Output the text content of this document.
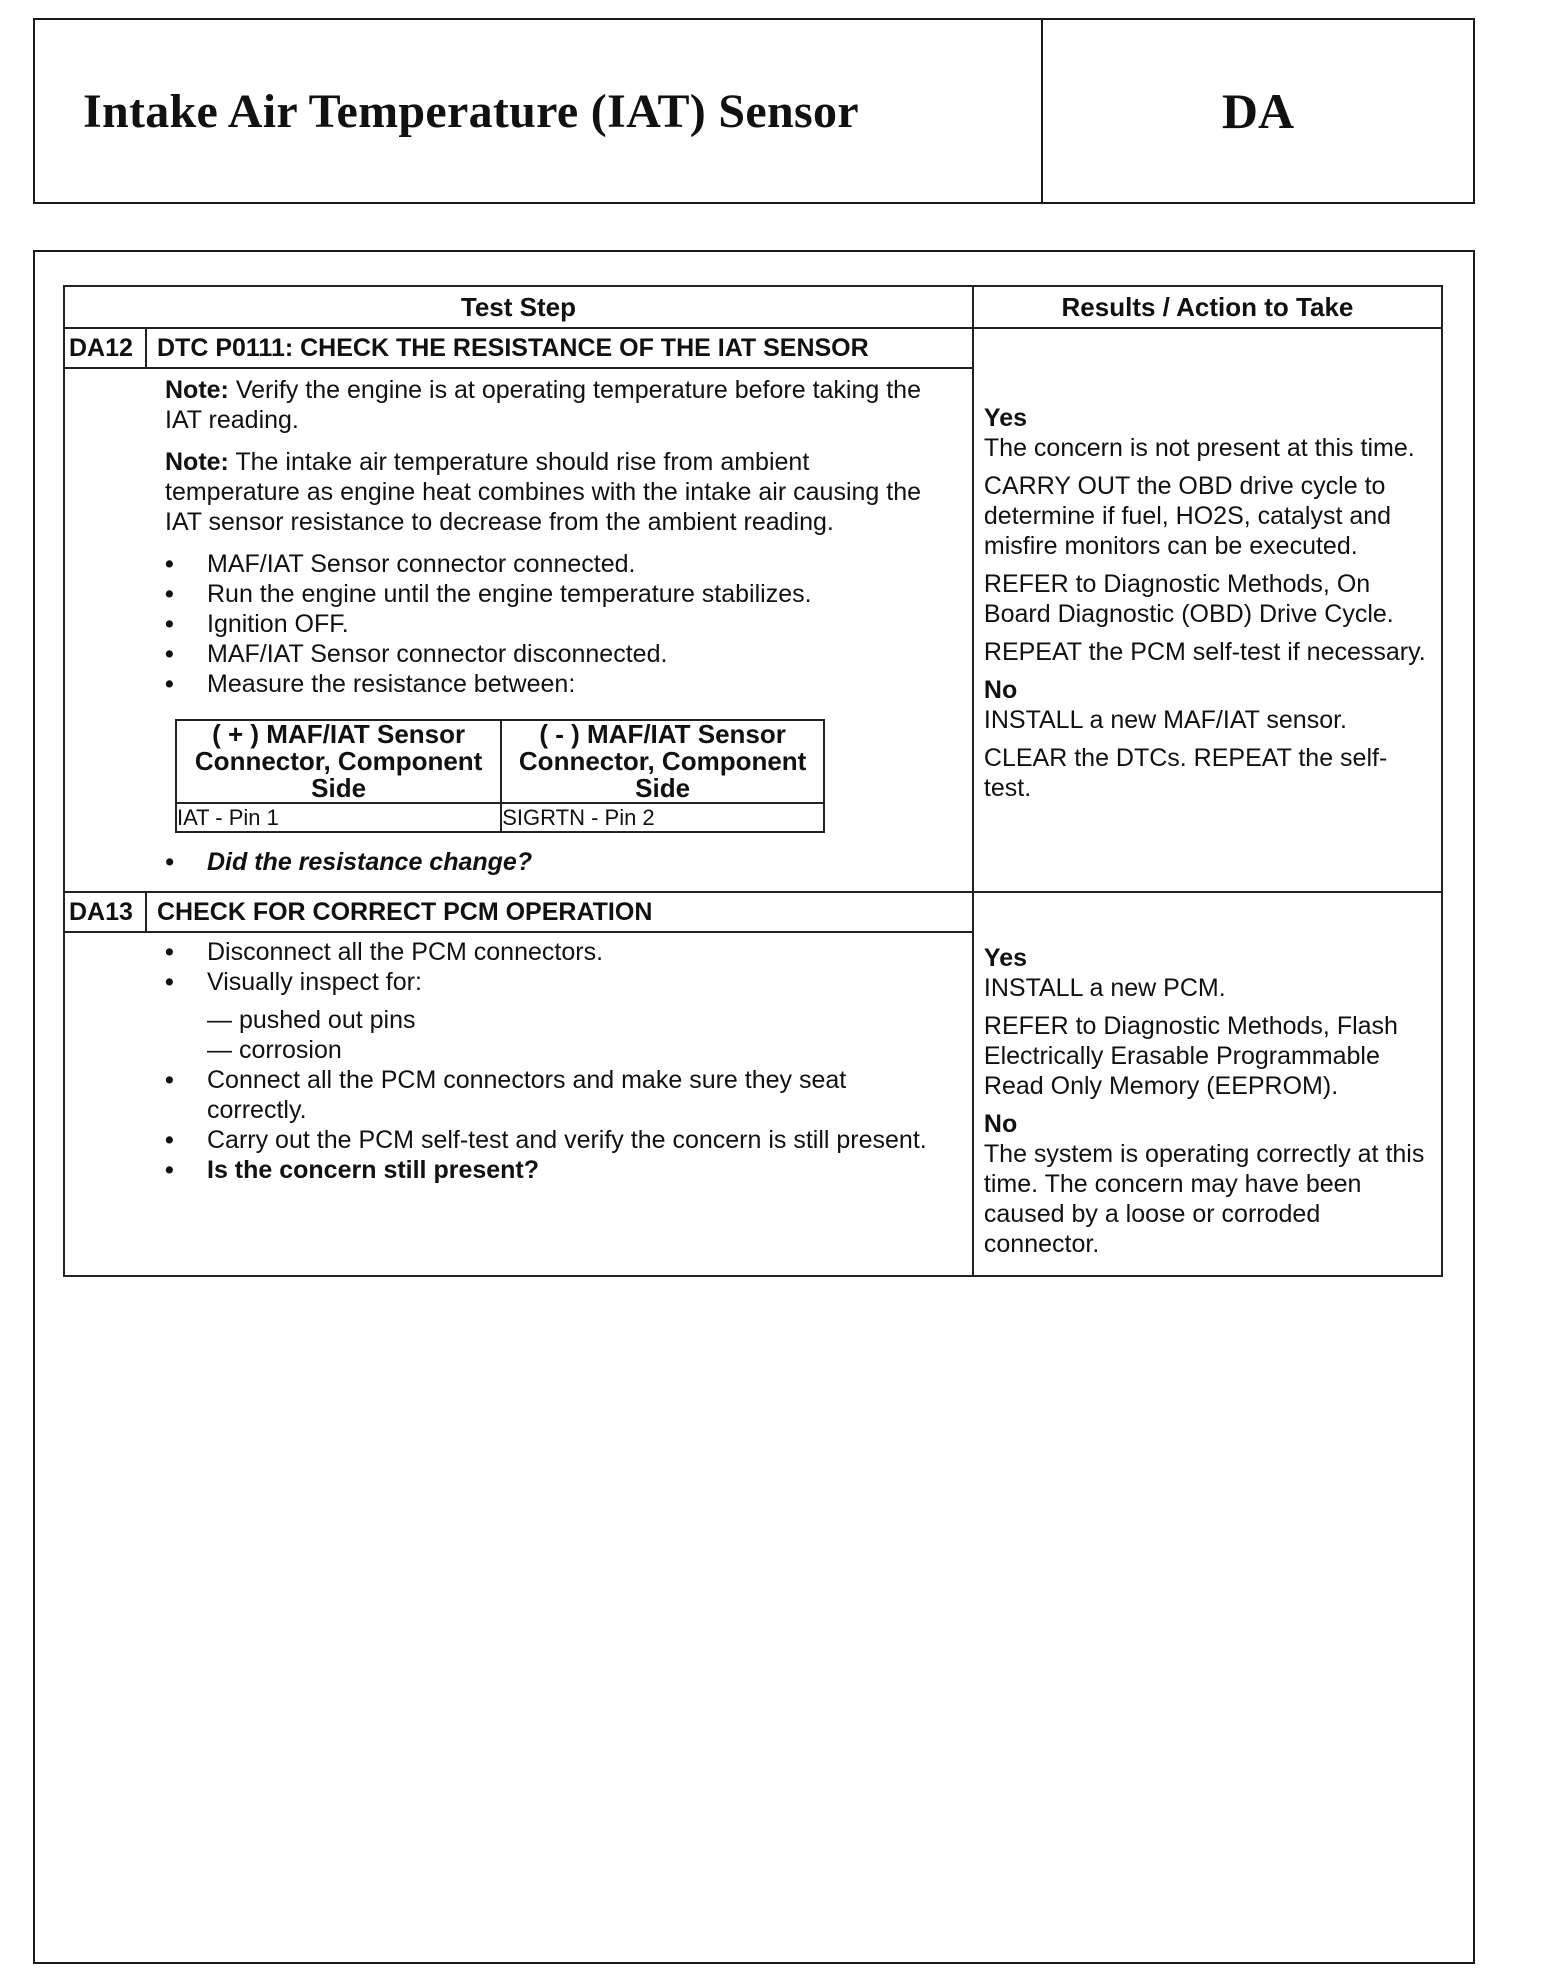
Intake Air Temperature (IAT) Sensor	DA
Test Step	Results / Action to Take

DA12 DTC P0111: CHECK THE RESISTANCE OF THE IAT SENSOR

Note: Verify the engine is at operating temperature before taking the IAT reading.

Note: The intake air temperature should rise from ambient temperature as engine heat combines with the intake air causing the IAT sensor resistance to decrease from the ambient reading.

• MAF/IAT Sensor connector connected.
• Run the engine until the engine temperature stabilizes.
• Ignition OFF.
• MAF/IAT Sensor connector disconnected.
• Measure the resistance between:
( + ) MAF/IAT Sensor Connector, Component Side	( - ) MAF/IAT Sensor Connector, Component Side
IAT - Pin 1	SIGRTN - Pin 2
• Did the resistance change?

Yes

The concern is not present at this time.

CARRY OUT the OBD drive cycle to determine if fuel, HO2S, catalyst and misfire monitors can be executed.

REFER to Diagnostic Methods, On Board Diagnostic (OBD) Drive Cycle.

REPEAT the PCM self-test if necessary.

No

INSTALL a new MAF/IAT sensor.

CLEAR the DTCs. REPEAT the self-test.

DA13 CHECK FOR CORRECT PCM OPERATION
• Disconnect all the PCM connectors.
• Visually inspect for:
— pushed out pins
— corrosion
• Connect all the PCM connectors and make sure they seat correctly.
• Carry out the PCM self-test and verify the concern is still present.
• Is the concern still present?

Yes

INSTALL a new PCM.

REFER to Diagnostic Methods, Flash Electrically Erasable Programmable Read Only Memory (EEPROM).

No

The system is operating correctly at this time. The concern may have been caused by a loose or corroded connector.
